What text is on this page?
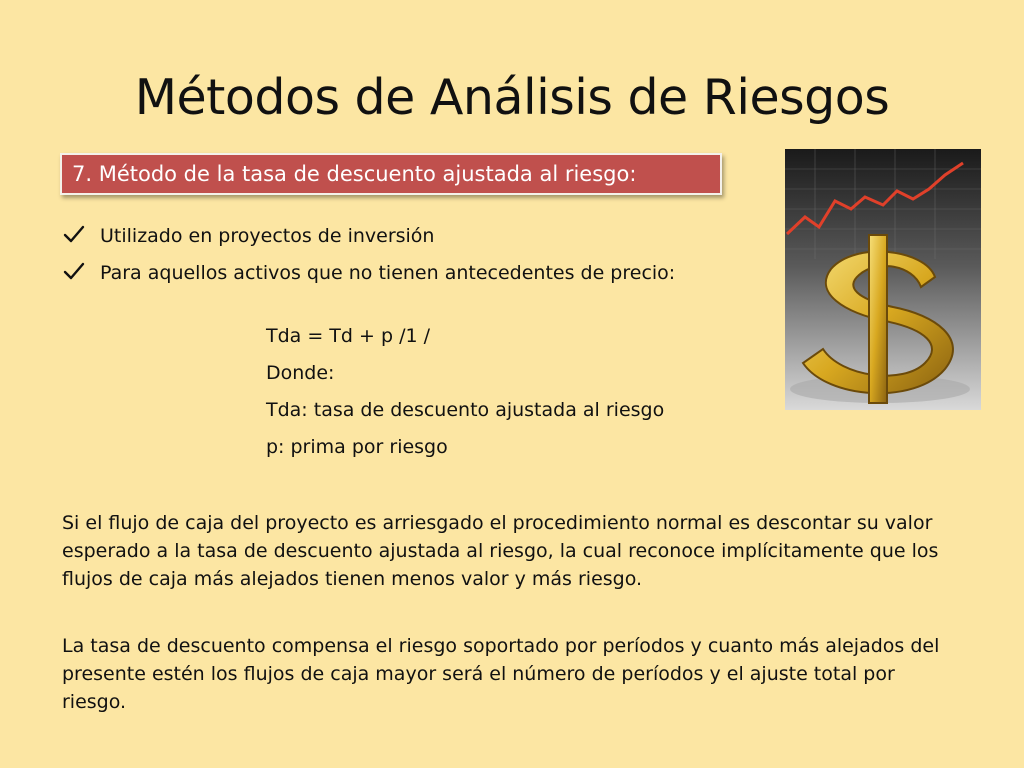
Métodos de Análisis de Riesgos
7. Método de la tasa de descuento ajustada al riesgo:
Utilizado en proyectos de inversión
Para aquellos activos que no tienen antecedentes de precio:
Tda = Td + p /1 /
Donde:
Tda: tasa de descuento ajustada al riesgo
p: prima por riesgo

Si el flujo de caja del proyecto es arriesgado el procedimiento normal es descontar su valor esperado a la tasa de descuento ajustada al riesgo, la cual reconoce implícitamente que los flujos de caja más alejados tienen menos valor y más riesgo.

La tasa de descuento compensa el riesgo soportado por períodos y cuanto más alejados del presente estén los flujos de caja mayor será el número de períodos y el ajuste total por riesgo.
